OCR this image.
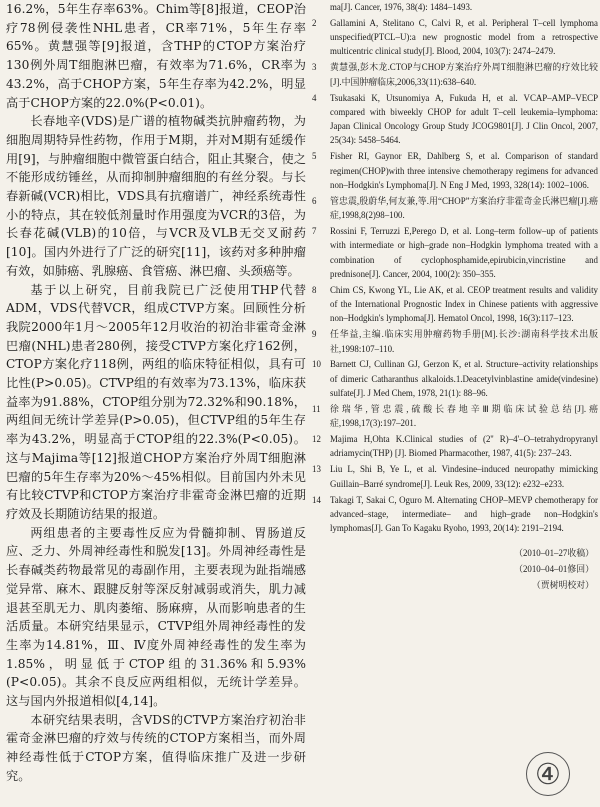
16.2%，5年生存率63%。Chim等[8]报道，CEOP治疗78例侵袭性NHL患者，CR率71%，5年生存率65%。黄慧强等[9]报道，含THP的CTOP方案治疗130例外周T细胞淋巴瘤，有效率为71.6%，CR率为43.2%，高于CHOP方案，5年生存率为42.2%，明显高于CHOP方案的22.0%(P<0.01)。

长春地辛(VDS)是广谱的植物碱类抗肿瘤药物，为细胞周期特异性药物，作用于M期，并对M期有延缓作用[9]，与肿瘤细胞中微管蛋白结合，阻止其聚合，使之不能形成纺锤丝，从而抑制肿瘤细胞的有丝分裂。与长春新碱(VCR)相比，VDS具有抗瘤谱广，神经系统毒性小的特点，其在较低剂量时作用强度为VCR的3倍，为长春花碱(VLB)的10倍，与VCR及VLB无交叉耐药[10]。国内外进行了广泛的研究[11]，该药对多种肿瘤有效，如肺癌、乳腺癌、食管癌、淋巴瘤、头颈癌等。

基于以上研究，目前我院已广泛使用THP代替ADM，VDS代替VCR，组成CTVP方案。回顾性分析我院2000年1月～2005年12月收治的初治非霍奇金淋巴瘤(NHL)患者280例，接受CTVP方案化疗162例，CTOP方案化疗118例，两组的临床特征相似，具有可比性(P>0.05)。CTVP组的有效率为73.13%，临床获益率为91.88%，CTOP组分别为72.32%和90.18%，两组间无统计学差异(P>0.05)，但CTVP组的5年生存率为43.2%，明显高于CTOP组的22.3%(P<0.05)。这与Majima等[12]报道CHOP方案治疗外周T细胞淋巴瘤的5年生存率为20%～45%相似。目前国内外未见有比较CTVP和CTOP方案治疗非霍奇金淋巴瘤的近期疗效及长期随访结果的报道。

两组患者的主要毒性反应为骨髓抑制、胃肠道反应、乏力、外周神经毒性和脱发[13]。外周神经毒性是长春碱类药物最常见的毒副作用，主要表现为趾指端感觉异常、麻木、跟腱反射等深反射减弱或消失，肌力减退甚至肌无力、肌肉萎缩、肠麻痹，从而影响患者的生活质量。本研究结果显示，CTVP组外周神经毒性的发生率为14.81%，Ⅲ、Ⅳ度外周神经毒性的发生率为1.85%，明显低于CTOP组的31.36%和5.93%(P<0.05)。其余不良反应两组相似，无统计学差异。这与国内外报道相似[4,14]。

本研究结果表明，含VDS的CTVP方案治疗初治非霍奇金淋巴瘤的疗效与传统的CTOP方案相当，而外周神经毒性低于CTOP方案，值得临床推广及进一步研究。

ma[J]. Cancer, 1976, 38(4): 1484–1493.
2	Gallamini A, Stelitano C, Calvi R, et al. Peripheral T–cell lymphoma unspecified(PTCL–U):a new prognostic model from a retrospective multicentric clinical study[J]. Blood, 2004, 103(7): 2474–2479.
3	黄慧强,彭木龙.CTOP与CHOP方案治疗外周T细胞淋巴瘤的疗效比较[J].中国肿瘤临床,2006,33(11):638–640.
4	Tsukasaki K, Utsunomiya A, Fukuda H, et al. VCAP–AMP–VECP compared with biweekly CHOP for adult T–cell leukemia–lymphoma: Japan Clinical Oncology Group Study JCOG9801[J]. J Clin Oncol, 2007, 25(34): 5458–5464.
5	Fisher RI, Gaynor ER, Dahlberg S, et al. Comparison of standard regimen(CHOP)with three intensive chemotherapy regimens for advanced non–Hodgkin's Lymphoma[J]. N Eng J Med, 1993, 328(14): 1002–1006.
6	管忠震,殷蔚华,何友兼,等.用“CHOP”方案治疗非霍奇金氏淋巴瘤[J].癌症,1998,8(2)98–100.
7	Rossini F, Terruzzi E,Perego D, et al. Long–term follow–up of patients with intermediate or high–grade non–Hodgkin lymphoma treated with a combination of cyclophosphamide,epirubicin,vincristine and prednisone[J]. Cancer, 2004, 100(2): 350–355.
8	Chim CS, Kwong YL, Lie AK, et al. CEOP treatment results and validity of the International Prognostic Index in Chinese patients with aggressive non–Hodgkin's lymphoma[J]. Hematol Oncol, 1998, 16(3):117–123.
9	任华益,主编.临床实用肿瘤药物手册[M].长沙:湖南科学技术出版社,1998:107–110.
10	Barnett CJ, Cullinan GJ, Gerzon K, et al. Structure–activity relationships of dimeric Catharanthus alkaloids.1.Deacetylvinblastine amide(vindesine) sulfate[J]. J Med Chem, 1978, 21(1): 88–96.
11	徐瑞华,管忠震,硫酸长春地辛Ⅲ期临床试验总结[J].癌症,1998,17(3):197–201.
12	Majima H,Ohta K.Clinical studies of (2'' R)–4'–O–tetrahydropyranyl adriamycin(THP) [J]. Biomed Pharmacother, 1987, 41(5): 237–243.
13	Liu L, Shi B, Ye L, et al. Vindesine–induced neuropathy mimicking Guillain–Barré syndrome[J]. Leuk Res, 2009, 33(12): e232–e233.
14	Takagi T, Sakai C, Oguro M. Alternating CHOP–MEVP chemotherapy for advanced–stage, intermediate– and high–grade non–Hodgkin's lymphomas[J]. Gan To Kagaku Ryoho, 1993, 20(14): 2191–2194.
（2010–01–27收稿）
（2010–04–01修回）
（贾树明校对）
④
